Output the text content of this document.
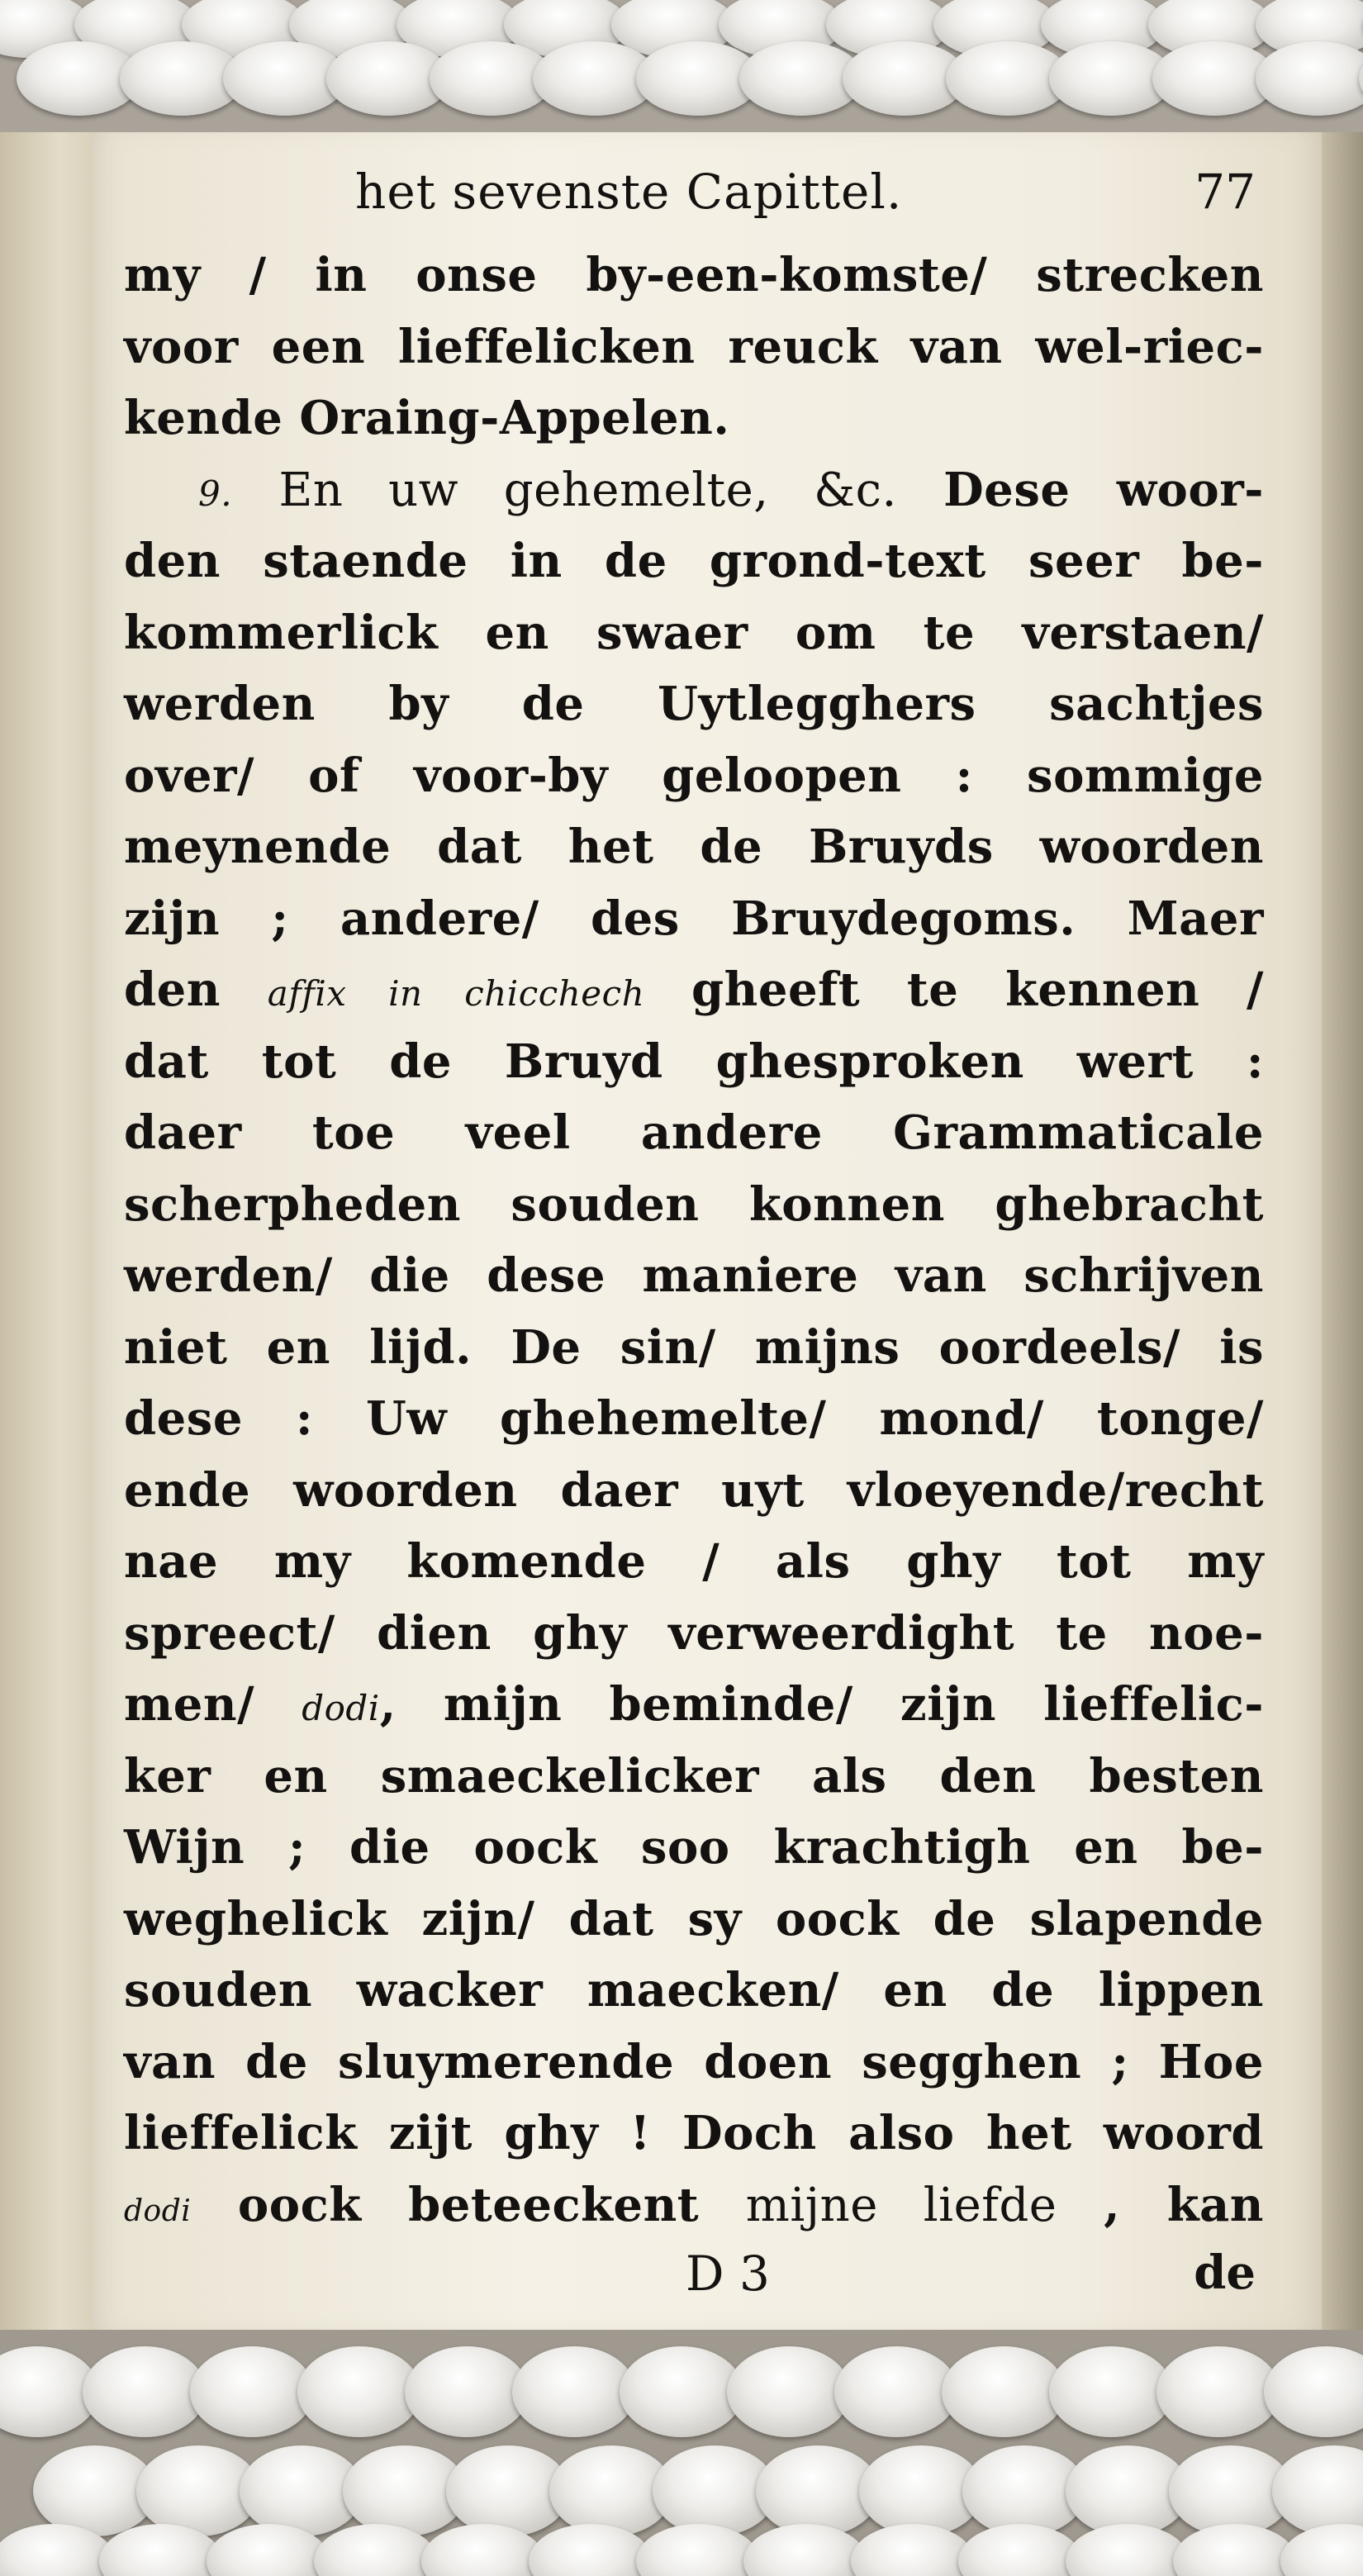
het sevenste Capittel.	77
my / in onse by-een-komste/ strecken
voor een lieffelicken reuck van wel-riec-
kende Oraing-Appelen.
9. En uw gehemelte, &c. Dese woor-
den staende in de grond-text seer be-
kommerlick en swaer om te verstaen/
werden by de Uytlegghers sachtjes
over/ of voor-by geloopen : sommige
meynende dat het de Bruyds woorden
zijn ; andere/ des Bruydegoms. Maer
den affix in chicchech gheeft te kennen /
dat tot de Bruyd ghesproken wert :
daer toe veel andere Grammaticale
scherpheden souden konnen ghebracht
werden/ die dese maniere van schrijven
niet en lijd. De sin/ mijns oordeels/ is
dese : Uw ghehemelte/ mond/ tonge/
ende woorden daer uyt vloeyende/recht
nae my komende / als ghy tot my
spreect/ dien ghy verweerdight te noe-
men/ dodi, mijn beminde/ zijn lieffelic-
ker en smaeckelicker als den besten
Wijn ; die oock soo krachtigh en be-
weghelick zijn/ dat sy oock de slapende
souden wacker maecken/ en de lippen
van de sluymerende doen segghen ; Hoe
lieffelick zijt ghy ! Doch also het woord
dodi oock beteeckent mijne liefde , kan
D 3	de
